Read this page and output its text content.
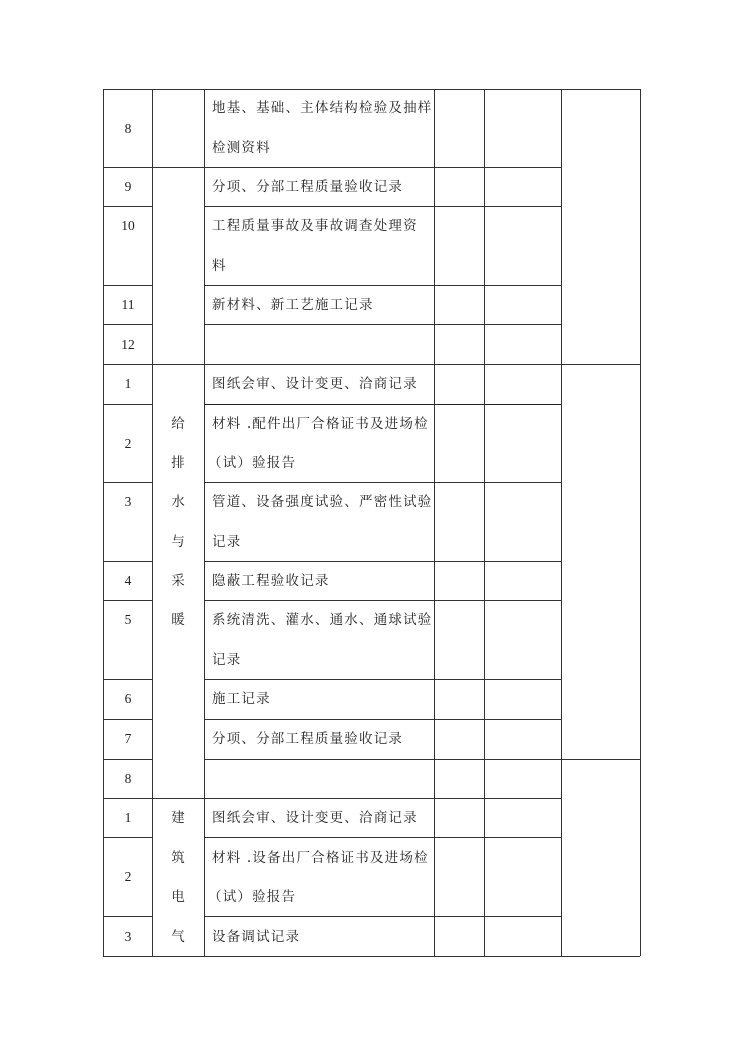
8
9
10
11
12
地基、基础、主体结构检验及抽样
检测资料
分项、分部工程质量验收记录
工程质量事故及事故调查处理资
料
新材料、新工艺施工记录
1
2
3
4
5
6
7
8
给
排
水
与
采
暖
图纸会审、设计变更、洽商记录
材料 .配件出厂合格证书及进场检
（试）验报告
管道、设备强度试验、严密性试验
记录
隐蔽工程验收记录
系统清洗、灌水、通水、通球试验
记录
施工记录
分项、分部工程质量验收记录
1
2
3
建
筑
电
气
图纸会审、设计变更、洽商记录
材料 .设备出厂合格证书及进场检
（试）验报告
设备调试记录
